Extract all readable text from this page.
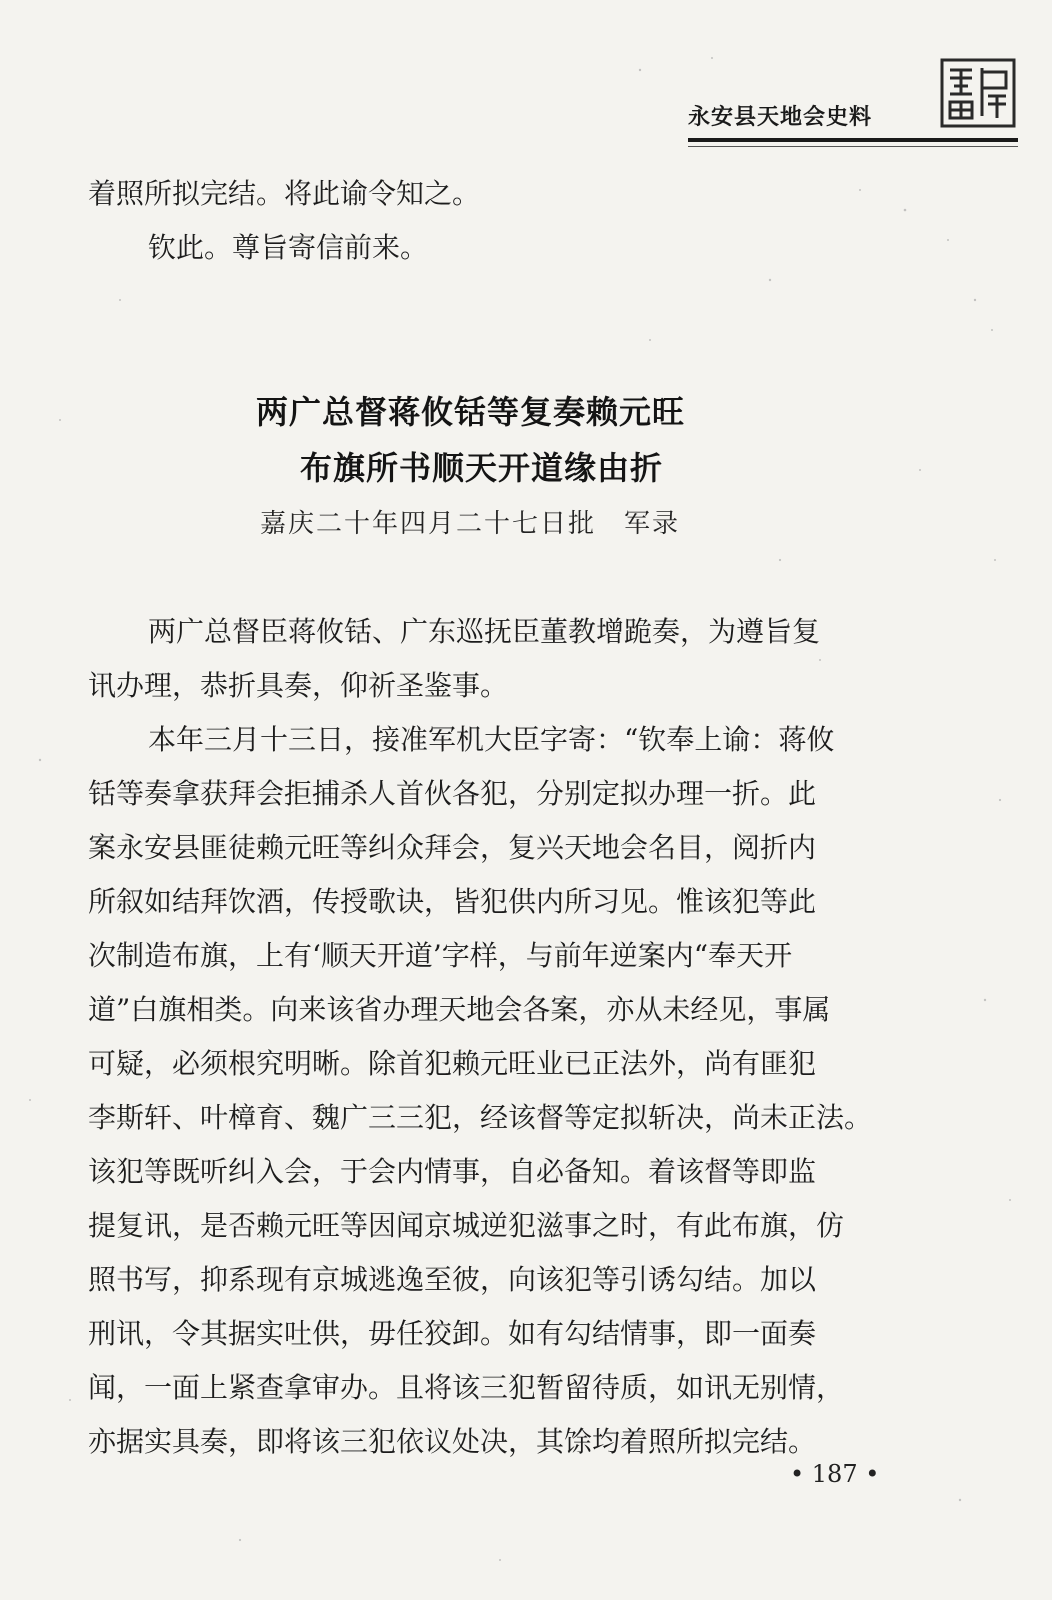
永安县天地会史料
着照所拟完结。将此谕令知之。
钦此。尊旨寄信前来。
两广总督蒋攸铦等复奏赖元旺
布旗所书顺天开道缘由折
嘉庆二十年四月二十七日批　军录
两广总督臣蒋攸铦、广东巡抚臣董教增跪奏，为遵旨复
讯办理，恭折具奏，仰祈圣鉴事。
本年三月十三日，接准军机大臣字寄：“钦奉上谕：蒋攸
铦等奏拿获拜会拒捕杀人首伙各犯，分别定拟办理一折。此
案永安县匪徒赖元旺等纠众拜会，复兴天地会名目，阅折内
所叙如结拜饮酒，传授歌诀，皆犯供内所习见。惟该犯等此
次制造布旗，上有‘顺天开道’字样，与前年逆案内“奉天开
道”白旗相类。向来该省办理天地会各案，亦从未经见，事属
可疑，必须根究明晰。除首犯赖元旺业已正法外，尚有匪犯
李斯轩、叶樟育、魏广三三犯，经该督等定拟斩决，尚未正法。
该犯等既听纠入会，于会内情事，自必备知。着该督等即监
提复讯，是否赖元旺等因闻京城逆犯滋事之时，有此布旗，仿
照书写，抑系现有京城逃逸至彼，向该犯等引诱勾结。加以
刑讯，令其据实吐供，毋任狡卸。如有勾结情事，即一面奏
闻，一面上紧查拿审办。且将该三犯暂留待质，如讯无别情，
亦据实具奏，即将该三犯依议处决，其馀均着照所拟完结。
• 187 •
